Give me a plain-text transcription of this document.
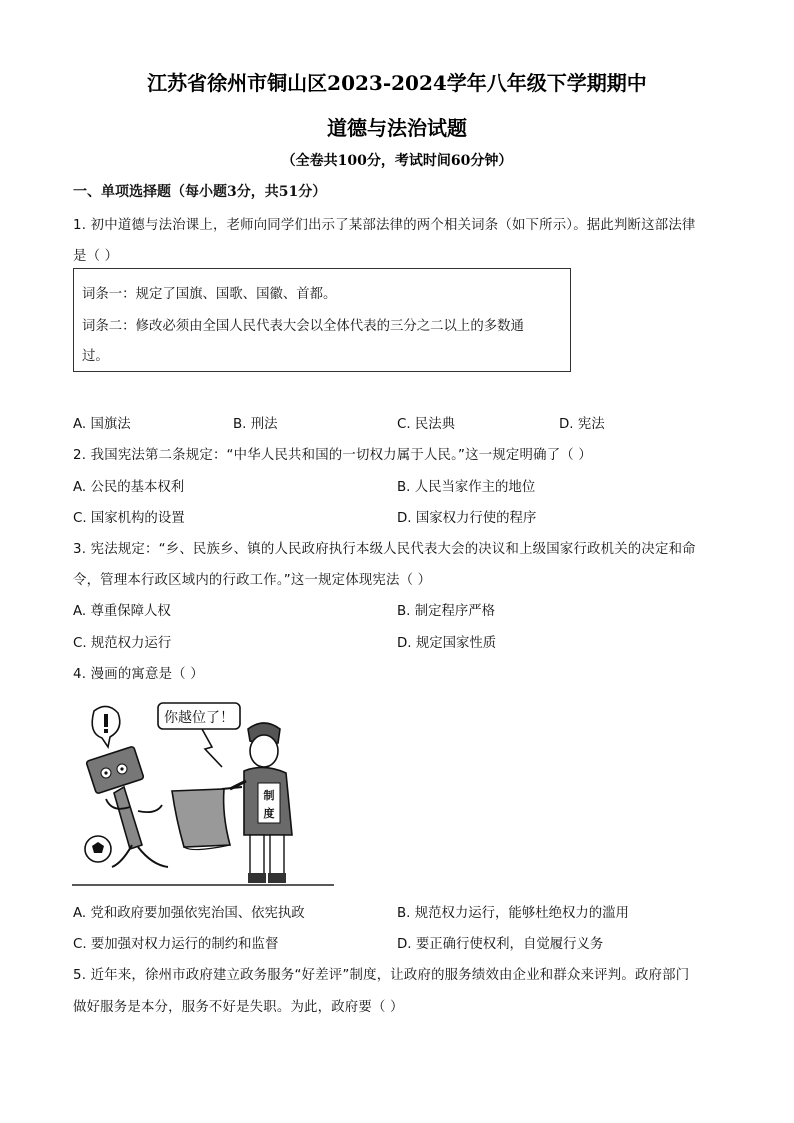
江苏省徐州市铜山区2023-2024学年八年级下学期期中
道德与法治试题
（全卷共100分，考试时间60分钟）
一、单项选择题（每小题3分，共51分）
1. 初中道德与法治课上，老师向同学们出示了某部法律的两个相关词条（如下所示）。据此判断这部法律
是（ ）
词条一：规定了国旗、国歌、国徽、首都。
词条二：修改必须由全国人民代表大会以全体代表的三分之二以上的多数通
过。
A. 国旗法	B. 刑法	C. 民法典	D. 宪法
2. 我国宪法第二条规定：“中华人民共和国的一切权力属于人民。”这一规定明确了（ ）
A. 公民的基本权利	B. 人民当家作主的地位
C. 国家机构的设置	D. 国家权力行使的程序
3. 宪法规定：“乡、民族乡、镇的人民政府执行本级人民代表大会的决议和上级国家行政机关的决定和命
令，管理本行政区域内的行政工作。”这一规定体现宪法（ ）
A. 尊重保障人权	B. 制定程序严格
C. 规范权力运行	D. 规定国家性质
4. 漫画的寓意是（ ）
你越位了！
制
度
A. 党和政府要加强依宪治国、依宪执政	B. 规范权力运行，能够杜绝权力的滥用
C. 要加强对权力运行的制约和监督	D. 要正确行使权利，自觉履行义务
5. 近年来，徐州市政府建立政务服务“好差评”制度，让政府的服务绩效由企业和群众来评判。政府部门
做好服务是本分，服务不好是失职。为此，政府要（ ）
